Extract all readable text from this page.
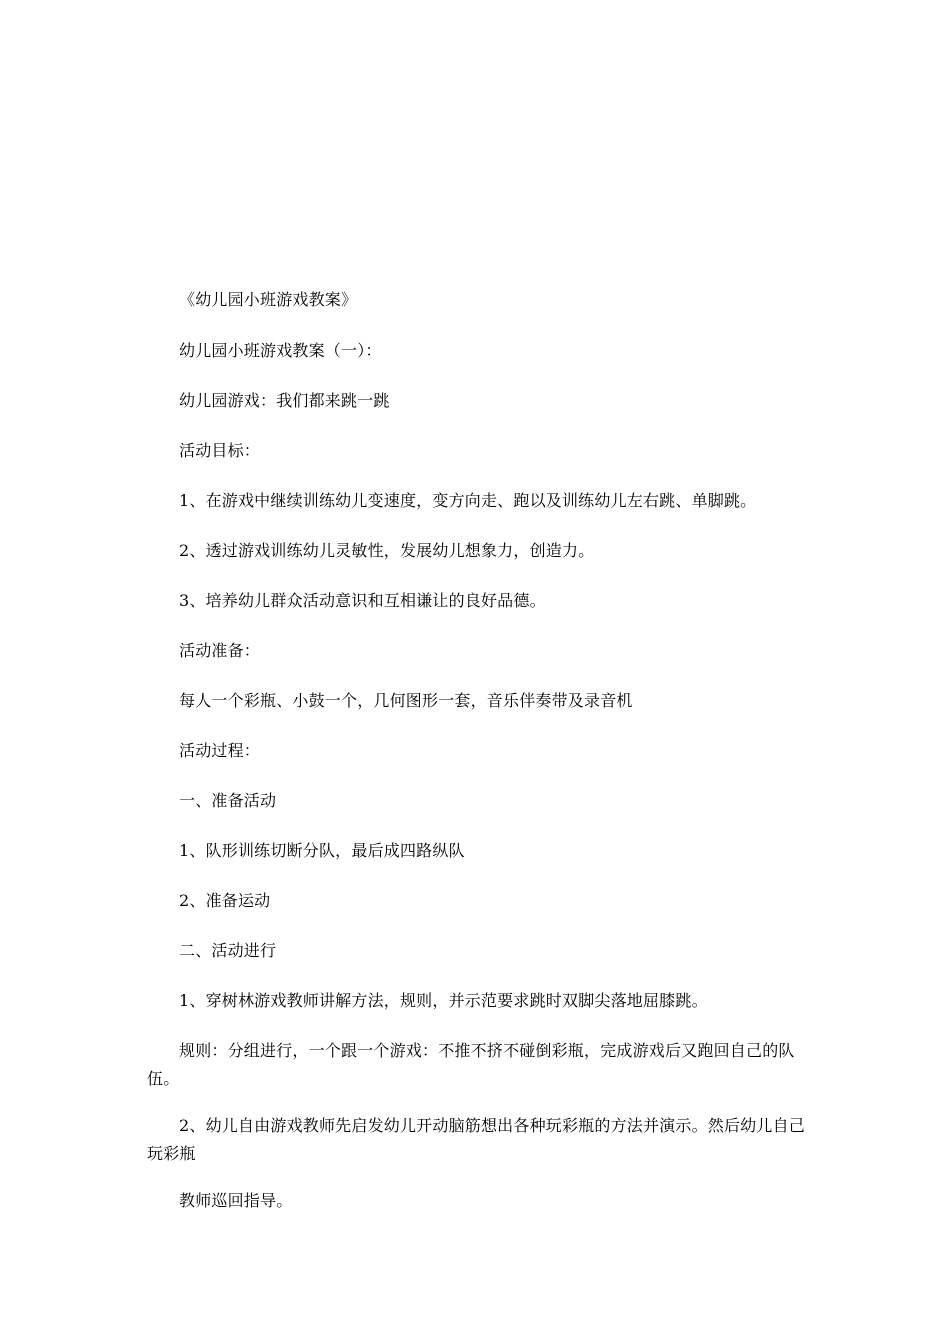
《幼儿园小班游戏教案》

幼儿园小班游戏教案（一）：

幼儿园游戏：我们都来跳一跳

活动目标：

1、在游戏中继续训练幼儿变速度，变方向走、跑以及训练幼儿左右跳、单脚跳。

2、透过游戏训练幼儿灵敏性，发展幼儿想象力，创造力。

3、培养幼儿群众活动意识和互相谦让的良好品德。

活动准备：

每人一个彩瓶、小鼓一个，几何图形一套，音乐伴奏带及录音机

活动过程：

一、准备活动

1、队形训练切断分队，最后成四路纵队

2、准备运动

二、活动进行

1、穿树林游戏教师讲解方法，规则，并示范要求跳时双脚尖落地屈膝跳。

规则：分组进行，一个跟一个游戏：不推不挤不碰倒彩瓶，完成游戏后又跑回自己的队伍。

2、幼儿自由游戏教师先启发幼儿开动脑筋想出各种玩彩瓶的方法并演示。然后幼儿自己玩彩瓶

教师巡回指导。
